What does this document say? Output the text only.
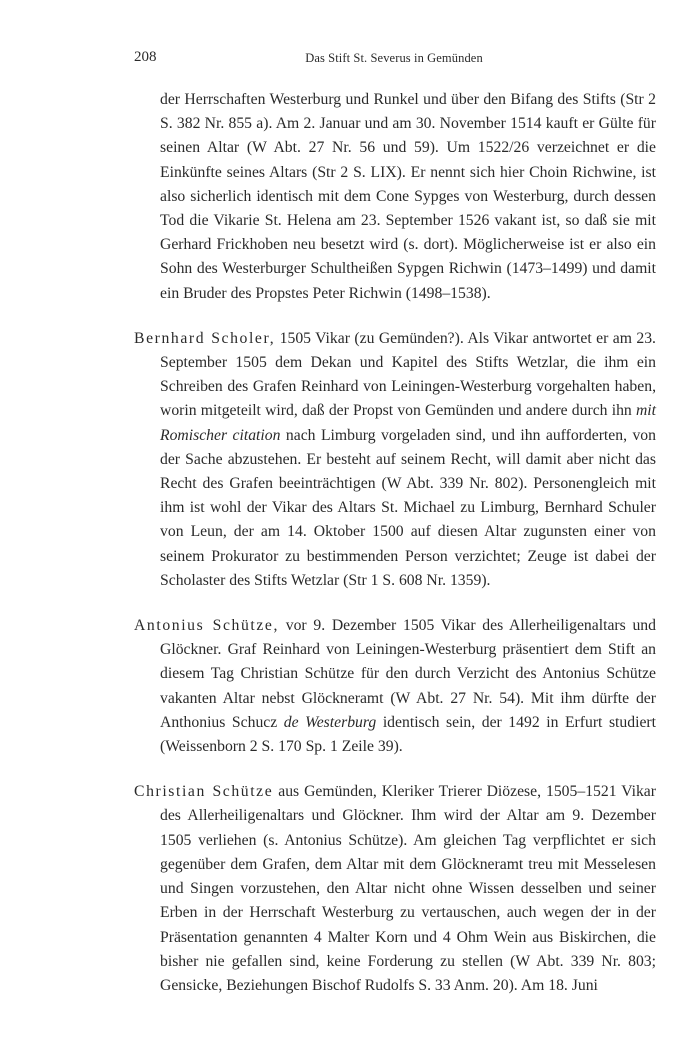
208	Das Stift St. Severus in Gemünden

der Herrschaften Westerburg und Runkel und über den Bifang des Stifts (Str 2 S. 382 Nr. 855 a). Am 2. Januar und am 30. November 1514 kauft er Gülte für seinen Altar (W Abt. 27 Nr. 56 und 59). Um 1522/26 verzeichnet er die Einkünfte seines Altars (Str 2 S. LIX). Er nennt sich hier Choin Richwine, ist also sicherlich identisch mit dem Cone Sypges von Westerburg, durch dessen Tod die Vikarie St. Helena am 23. September 1526 vakant ist, so daß sie mit Gerhard Frickhoben neu besetzt wird (s. dort). Möglicherweise ist er also ein Sohn des Westerburger Schultheißen Sypgen Richwin (1473–1499) und damit ein Bruder des Propstes Peter Richwin (1498–1538).

Bernhard Scholer, 1505 Vikar (zu Gemünden?). Als Vikar antwortet er am 23. September 1505 dem Dekan und Kapitel des Stifts Wetzlar, die ihm ein Schreiben des Grafen Reinhard von Leiningen-Westerburg vorgehalten haben, worin mitgeteilt wird, daß der Propst von Gemünden und andere durch ihn mit Romischer citation nach Limburg vorgeladen sind, und ihn aufforderten, von der Sache abzustehen. Er besteht auf seinem Recht, will damit aber nicht das Recht des Grafen beeinträchtigen (W Abt. 339 Nr. 802). Personengleich mit ihm ist wohl der Vikar des Altars St. Michael zu Limburg, Bernhard Schuler von Leun, der am 14. Oktober 1500 auf diesen Altar zugunsten einer von seinem Prokurator zu bestimmenden Person verzichtet; Zeuge ist dabei der Scholaster des Stifts Wetzlar (Str 1 S. 608 Nr. 1359).

Antonius Schütze, vor 9. Dezember 1505 Vikar des Allerheiligenaltars und Glöckner. Graf Reinhard von Leiningen-Westerburg präsentiert dem Stift an diesem Tag Christian Schütze für den durch Verzicht des Antonius Schütze vakanten Altar nebst Glöckneramt (W Abt. 27 Nr. 54). Mit ihm dürfte der Anthonius Schucz de Westerburg identisch sein, der 1492 in Erfurt studiert (Weissenborn 2 S. 170 Sp. 1 Zeile 39).

Christian Schütze aus Gemünden, Kleriker Trierer Diözese, 1505–1521 Vikar des Allerheiligenaltars und Glöckner. Ihm wird der Altar am 9. Dezember 1505 verliehen (s. Antonius Schütze). Am gleichen Tag verpflichtet er sich gegenüber dem Grafen, dem Altar mit dem Glöckneramt treu mit Messelesen und Singen vorzustehen, den Altar nicht ohne Wissen desselben und seiner Erben in der Herrschaft Westerburg zu vertauschen, auch wegen der in der Präsentation genannten 4 Malter Korn und 4 Ohm Wein aus Biskirchen, die bisher nie gefallen sind, keine Forderung zu stellen (W Abt. 339 Nr. 803; Gensicke, Beziehungen Bischof Rudolfs S. 33 Anm. 20). Am 18. Juni
